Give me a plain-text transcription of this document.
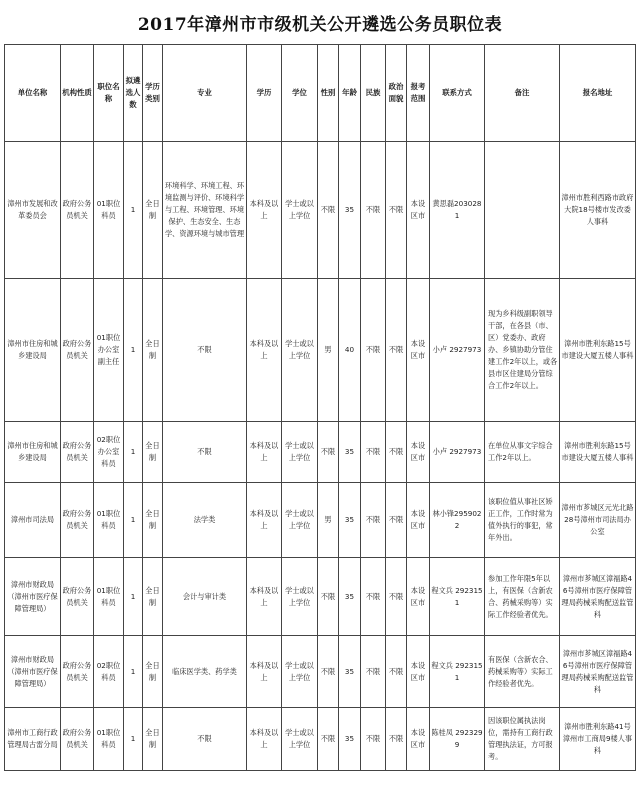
2017年漳州市市级机关公开遴选公务员职位表
单位名称	机构性质	职位名称	拟遴选人数	学历类别	专业	学历	学位	性别	年龄	民族	政治面貌	报考范围	联系方式	备注	报名地址
漳州市发展和改革委员会	政府公务员机关	01职位科员	1	全日制	环境科学、环境工程、环境监测与评价、环境科学与工程、环境管理、环境保护、生态安全、生态学、资源环境与城市管理	本科及以上	学士或以上学位	不限	35	不限	不限	本设区市	黄思磊2030281		漳州市胜利西路市政府大院18号楼市发改委人事科
漳州市住房和城乡建设局	政府公务员机关	01职位办公室副主任	1	全日制	不限	本科及以上	学士或以上学位	男	40	不限	不限	本设区市	小卢 2927973	现为乡科级副职领导干部，在各县（市、区）党委办、政府办、乡镇协助分管住建工作2年以上，或各县市区住建局分管综合工作2年以上。	漳州市胜利东路15号市建设大厦五楼人事科
漳州市住房和城乡建设局	政府公务员机关	02职位办公室科员	1	全日制	不限	本科及以上	学士或以上学位	不限	35	不限	不限	本设区市	小卢 2927973	在单位从事文字综合工作2年以上。	漳州市胜利东路15号市建设大厦五楼人事科
漳州市司法局	政府公务员机关	01职位科员	1	全日制	法学类	本科及以上	学士或以上学位	男	35	不限	不限	本设区市	林小锋2959022	该职位值从事社区矫正工作，工作时常为值外执行的事犯，常年外出。	漳州市芗城区元光北路28号漳州市司法局办公室
漳州市财政局（漳州市医疗保障管理局）	政府公务员机关	01职位科员	1	全日制	会计与审计类	本科及以上	学士或以上学位	不限	35	不限	不限	本设区市	程文兵 2923151	参加工作年限5年以上，有医保（含新农合、药械采购等）实际工作经验者优先。	漳州市芗城区漳福路46号漳州市医疗保障管理局药械采购配送监管科
漳州市财政局（漳州市医疗保障管理局）	政府公务员机关	02职位科员	1	全日制	临床医学类、药学类	本科及以上	学士或以上学位	不限	35	不限	不限	本设区市	程文兵 2923151	有医保（含新农合、药械采购等）实际工作经验者优先。	漳州市芗城区漳福路46号漳州市医疗保障管理局药械采购配送监管科
漳州市工商行政管理局古雷分局	政府公务员机关	01职位科员	1	全日制	不限	本科及以上	学士或以上学位	不限	35	不限	不限	本设区市	陈桂凤 2923299	因该职位属执法岗位，需持有工商行政管理执法证，方可报考。	漳州市胜利东路41号漳州市工商局9楼人事科
